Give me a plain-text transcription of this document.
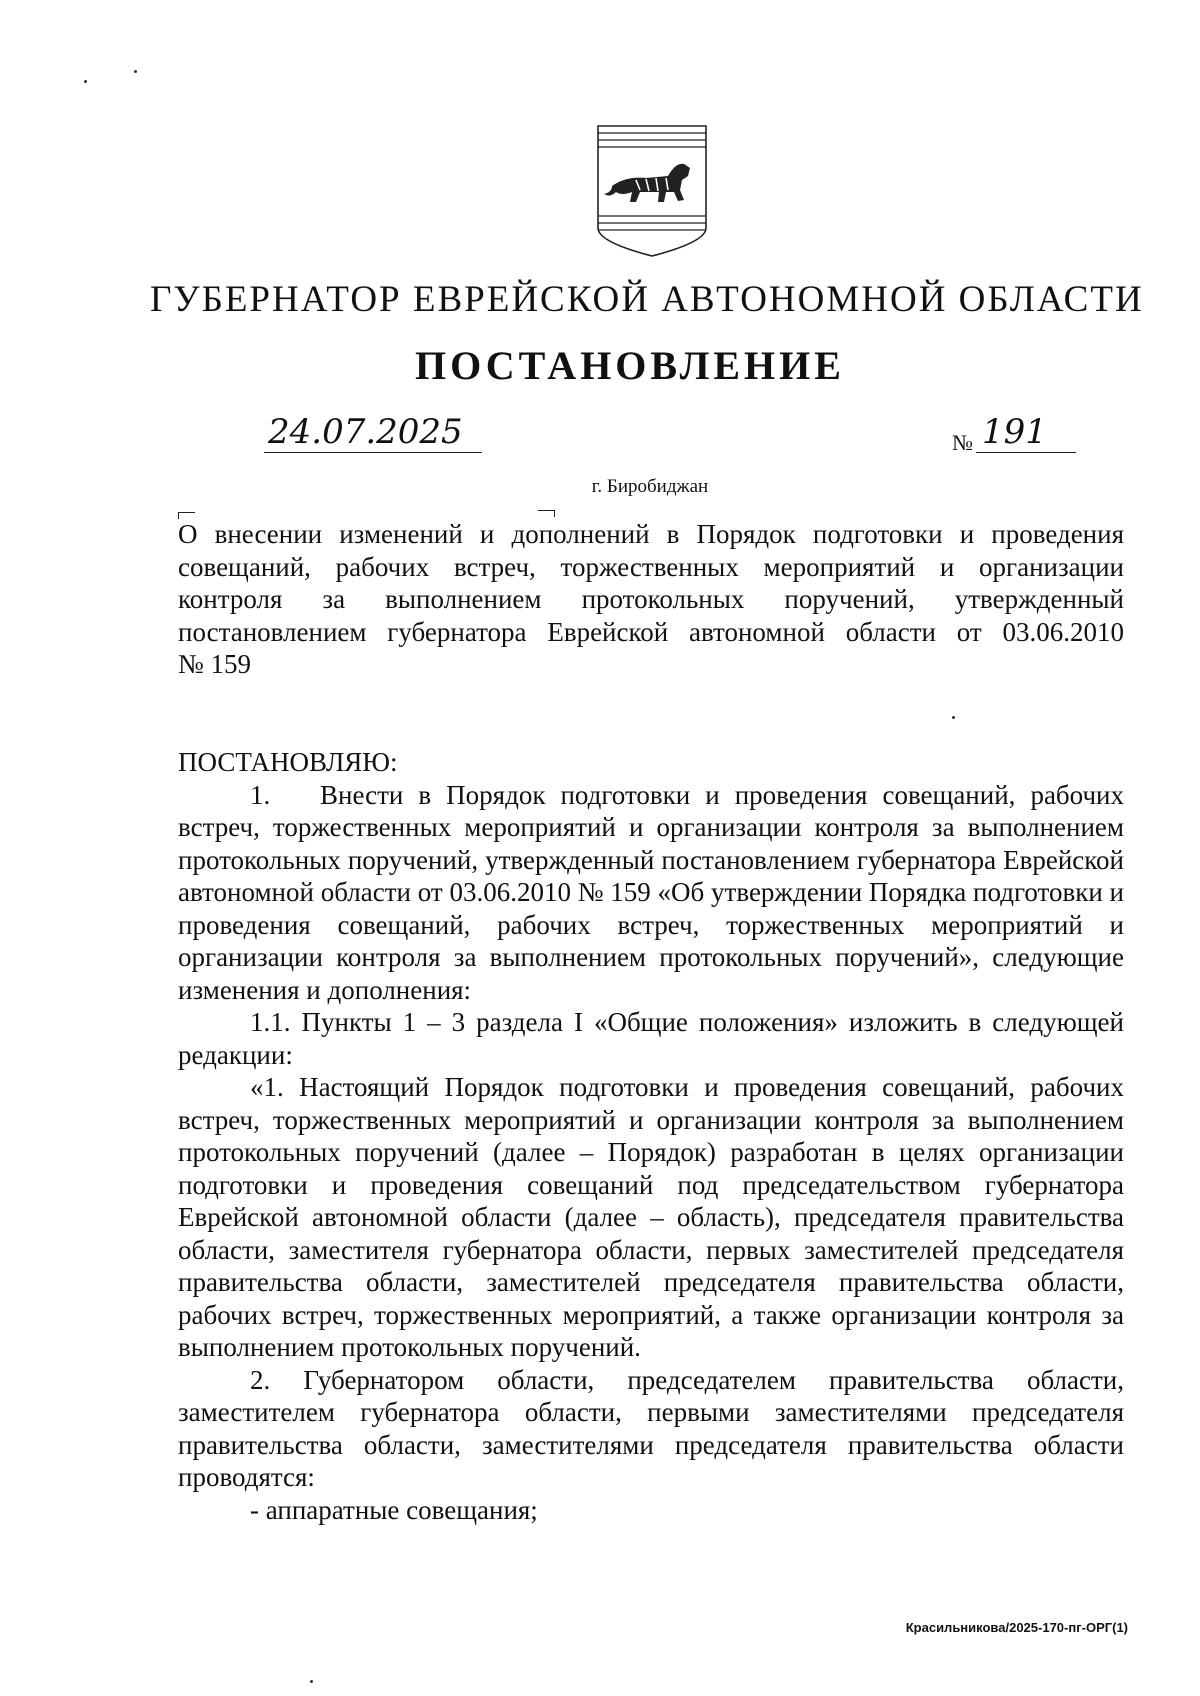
ГУБЕРНАТОР ЕВРЕЙСКОЙ АВТОНОМНОЙ ОБЛАСТИ
ПОСТАНОВЛЕНИЕ
24.07.2025	№ 191
г. Биробиджан
О внесении изменений и дополнений в Порядок подготовки и проведения
совещаний, рабочих встреч, торжественных мероприятий и организации
контроля за выполнением протокольных поручений, утвержденный
постановлением губернатора Еврейской автономной области от 03.06.2010
№ 159

ПОСТАНОВЛЯЮ:

1. Внести в Порядок подготовки и проведения совещаний, рабочих встреч, торжественных мероприятий и организации контроля за выполнением протокольных поручений, утвержденный постановлением губернатора Еврейской автономной области от 03.06.2010 № 159 «Об утверждении Порядка подготовки и проведения совещаний, рабочих встреч, торжественных мероприятий и организации контроля за выполнением протокольных поручений», следующие изменения и дополнения:

1.1. Пункты 1 – 3 раздела I «Общие положения» изложить в следующей редакции:

«1. Настоящий Порядок подготовки и проведения совещаний, рабочих встреч, торжественных мероприятий и организации контроля за выполнением протокольных поручений (далее – Порядок) разработан в целях организации подготовки и проведения совещаний под председательством губернатора Еврейской автономной области (далее – область), председателя правительства области, заместителя губернатора области, первых заместителей председателя правительства области, заместителей председателя правительства области, рабочих встреч, торжественных мероприятий, а также организации контроля за выполнением протокольных поручений.

2. Губернатором области, председателем правительства области, заместителем губернатора области, первыми заместителями председателя правительства области, заместителями председателя правительства области проводятся:

- аппаратные совещания;

Красильникова/2025-170-пг-ОРГ(1)
